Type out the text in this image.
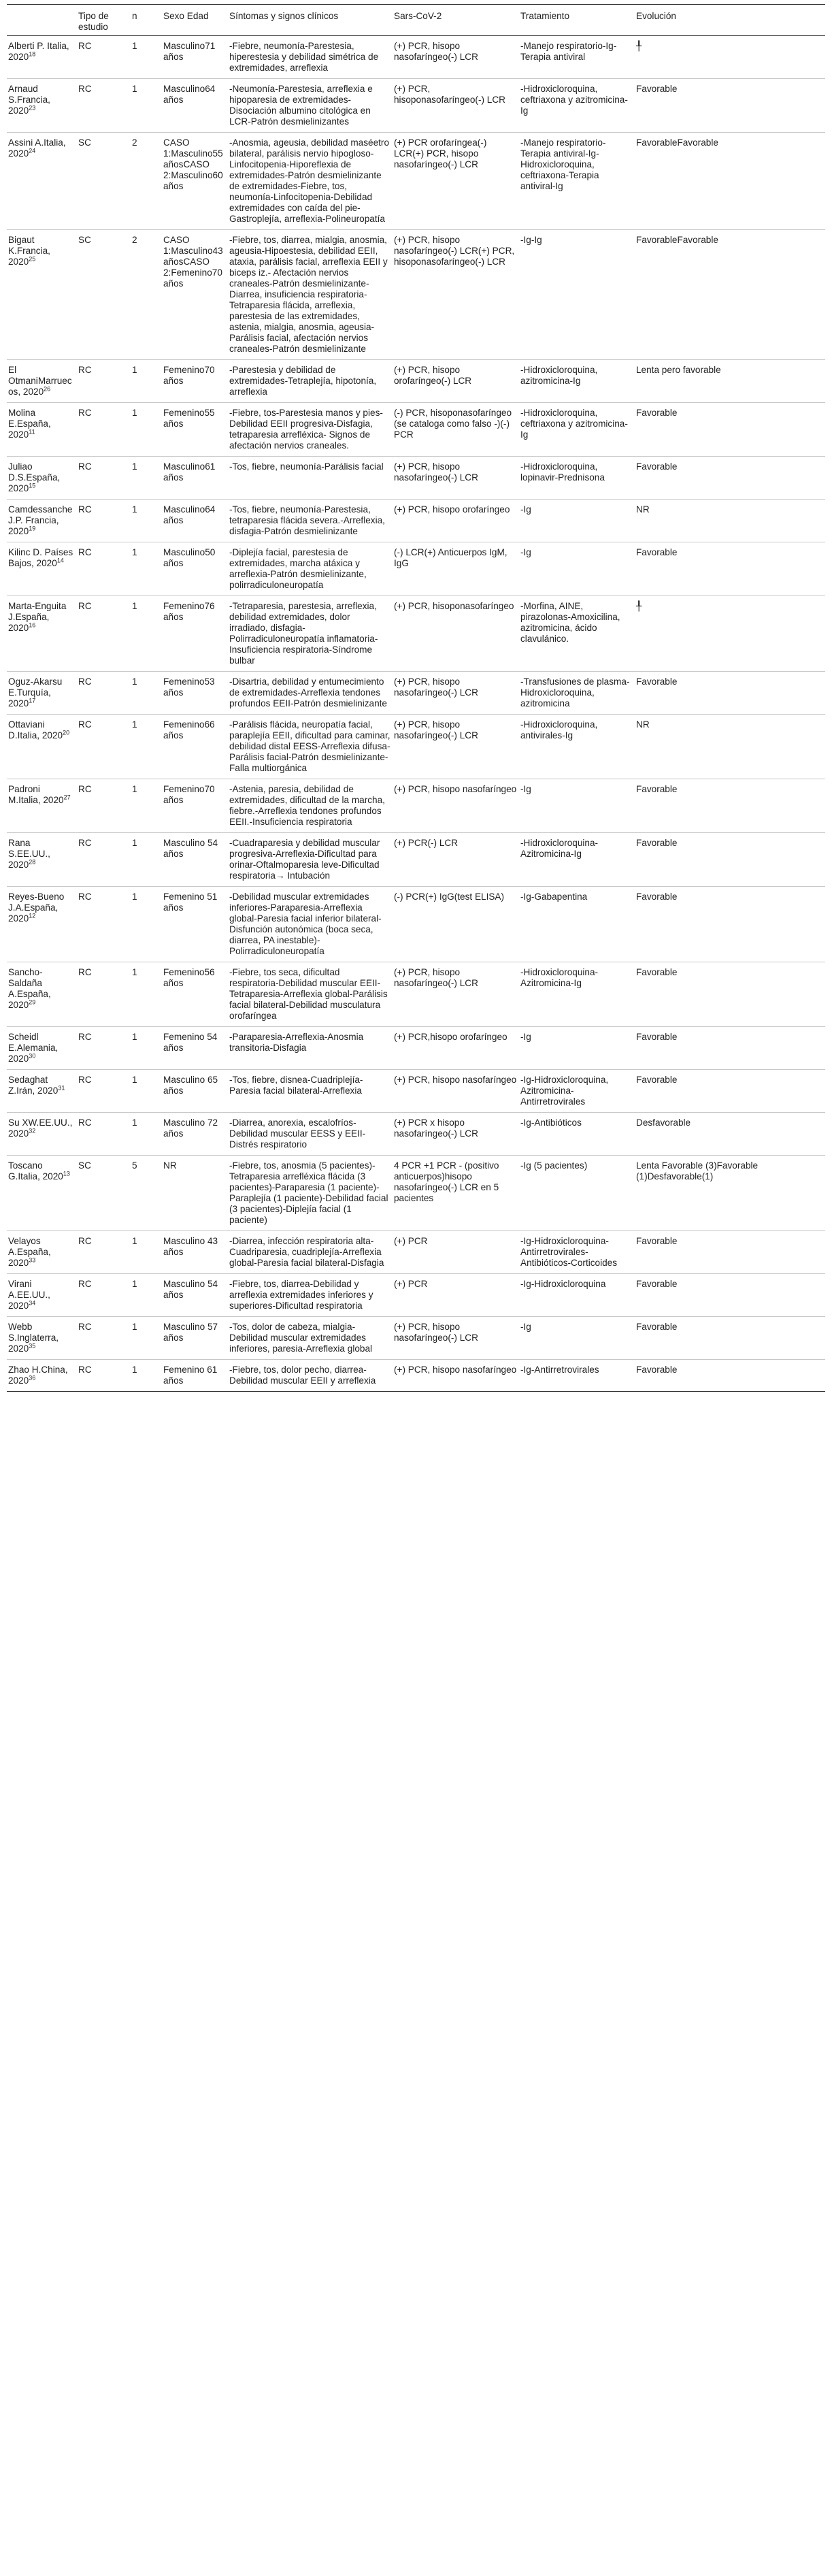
	Tipo de estudio	n	Sexo Edad	Síntomas y signos clínicos	Sars-CoV-2	Tratamiento	Evolución
Alberti P. Italia, 2020$^{18}$	RC	1	Masculino71 años	-Fiebre, neumonía-Parestesia, hiperestesia y debilidad simétrica de extremidades, arreflexia	(+) PCR, hisopo nasofaríngeo(-) LCR	-Manejo respiratorio-Ig-Terapia antiviral	╀
Arnaud S.Francia, 2020$^{23}$	RC	1	Masculino64 años	-Neumonía-Parestesia, arreflexia e hipoparesia de extremidades-Disociación albumino citológica en LCR-Patrón desmielinizantes	(+) PCR, hisoponasofaríngeo(-) LCR	-Hidroxicloroquina, ceftriaxona y azitromicina- Ig	Favorable
Assini A.Italia, 2020$^{24}$	SC	2	CASO 1:Masculino55 añosCASO 2:Masculino60 años	-Anosmia, ageusia, debilidad maséetro bilateral, parálisis nervio hipogloso-Linfocitopenia-Hiporeflexia de extremidades-Patrón desmielinizante de extremidades-Fiebre, tos, neumonía-Linfocitopenia-Debilidad extremidades con caída del pie-Gastroplejía, arreflexia-Polineuropatía	(+) PCR orofaríngea(-) LCR(+) PCR, hisopo nasofaríngeo(-) LCR	-Manejo respiratorio-Terapia antiviral-Ig-Hidroxicloroquina, ceftriaxona-Terapia antiviral-Ig	FavorableFavorable
Bigaut K.Francia, 2020$^{25}$	SC	2	CASO 1:Masculino43 añosCASO 2:Femenino70 años	-Fiebre, tos, diarrea, mialgia, anosmia, ageusia-Hipoestesia, debilidad EEII, ataxia, parálisis facial, arreflexia EEII y biceps iz.- Afectación nervios craneales-Patrón desmielinizante-Diarrea, insuficiencia respiratoria-Tetraparesia flácida, arreflexia, parestesia de las extremidades, astenia, mialgia, anosmia, ageusia-Parálisis facial, afectación nervios craneales-Patrón desmielinizante	(+) PCR, hisopo nasofaríngeo(-) LCR(+) PCR, hisoponasofaríngeo(-) LCR	-Ig-Ig	FavorableFavorable
El OtmaniMarruecos, 2020$^{26}$	RC	1	Femenino70 años	-Parestesia y debilidad de extremidades-Tetraplejía, hipotonía, arreflexia	(+) PCR, hisopo orofaríngeo(-) LCR	-Hidroxicloroquina, azitromicina-Ig	Lenta pero favorable
Molina E.España, 2020$^{11}$	RC	1	Femenino55 años	-Fiebre, tos-Parestesia manos y pies-Debilidad EEII progresiva-Disfagia, tetraparesia arrefléxica- Signos de afectación nervios craneales.	(-) PCR, hisoponasofaríngeo (se cataloga como falso -)(-) PCR	-Hidroxicloroquina, ceftriaxona y azitromicina- Ig	Favorable
Juliao D.S.España, 2020$^{15}$	RC	1	Masculino61 años	-Tos, fiebre, neumonía-Parálisis facial	(+) PCR, hisopo nasofaríngeo(-) LCR	-Hidroxicloroquina, lopinavir-Prednisona	Favorable
Camdessanche J.P. Francia, 2020$^{19}$	RC	1	Masculino64 años	-Tos, fiebre, neumonía-Parestesia, tetraparesia flácida severa.-Arreflexia, disfagia-Patrón desmielinizante	(+) PCR, hisopo orofaríngeo	-Ig	NR
Kilinc D. Países Bajos, 2020$^{14}$	RC	1	Masculino50 años	-Diplejía facial, parestesia de extremidades, marcha atáxica y arreflexia-Patrón desmielinizante, polirradiculoneuropatía	(-) LCR(+) Anticuerpos IgM, IgG	-Ig	Favorable
Marta-Enguita J.España, 2020$^{16}$	RC	1	Femenino76 años	-Tetraparesia, parestesia, arreflexia, debilidad extremidades, dolor irradiado, disfagia-Polirradiculoneuropatía inflamatoria-Insuficiencia respiratoria-Síndrome bulbar	(+) PCR, hisoponasofaríngeo	-Morfina, AINE, pirazolonas-Amoxicilina, azitromicina, ácido clavulánico.	╀
Oguz-Akarsu E.Turquía, 2020$^{17}$	RC	1	Femenino53 años	-Disartria, debilidad y entumecimiento de extremidades-Arreflexia tendones profundos EEII-Patrón desmielinizante	(+) PCR, hisopo nasofaríngeo(-) LCR	-Transfusiones de plasma-Hidroxicloroquina, azitromicina	Favorable
Ottaviani D.Italia, 2020$^{20}$	RC	1	Femenino66 años	-Parálisis flácida, neuropatía facial, paraplejía EEII, dificultad para caminar, debilidad distal EESS-Arreflexia difusa-Parálisis facial-Patrón desmielinizante-Falla multiorgánica	(+) PCR, hisopo nasofaríngeo(-) LCR	-Hidroxicloroquina, antivirales-Ig	NR
Padroni M.Italia, 2020$^{27}$	RC	1	Femenino70 años	-Astenia, paresia, debilidad de extremidades, dificultad de la marcha, fiebre.-Arreflexia tendones profundos EEII.-Insuficiencia respiratoria	(+) PCR, hisopo nasofaríngeo	-Ig	Favorable
Rana S.EE.UU., 2020$^{28}$	RC	1	Masculino 54 años	-Cuadraparesia y debilidad muscular progresiva-Arreflexia-Dificultad para orinar-Oftalmoparesia leve-Dificultad respiratoria→ Intubación	(+) PCR(-) LCR	-Hidroxicloroquina-Azitromicina-Ig	Favorable
Reyes-Bueno J.A.España, 2020$^{12}$	RC	1	Femenino 51 años	-Debilidad muscular extremidades inferiores-Paraparesia-Arreflexia global-Paresia facial inferior bilateral-Disfunción autonómica (boca seca, diarrea, PA inestable)-Polirradiculoneuropatía	(-) PCR(+) IgG(test ELISA)	-Ig-Gabapentina	Favorable
Sancho-Saldaña A.España, 2020$^{29}$	RC	1	Femenino56 años	-Fiebre, tos seca, dificultad respiratoria-Debilidad muscular EEII-Tetraparesia-Arreflexia global-Parálisis facial bilateral-Debilidad musculatura orofaríngea	(+) PCR, hisopo nasofaríngeo(-) LCR	-Hidroxicloroquina-Azitromicina-Ig	Favorable
Scheidl E.Alemania, 2020$^{30}$	RC	1	Femenino 54 años	-Paraparesia-Arreflexia-Anosmia transitoria-Disfagia	(+) PCR,hisopo orofaríngeo	-Ig	Favorable
Sedaghat Z.Irán, 2020$^{31}$	RC	1	Masculino 65 años	-Tos, fiebre, disnea-Cuadriplejía-Paresia facial bilateral-Arreflexia	(+) PCR, hisopo nasofaríngeo	-Ig-Hidroxicloroquina, Azitromicina-Antirretrovirales	Favorable
Su XW.EE.UU., 2020$^{32}$	RC	1	Masculino 72 años	-Diarrea, anorexia, escalofríos- Debilidad muscular EESS y EEII-Distrés respiratorio	(+) PCR x hisopo nasofaríngeo(-) LCR	-Ig-Antibióticos	Desfavorable
Toscano G.Italia, 2020$^{13}$	SC	5	NR	-Fiebre, tos, anosmia (5 pacientes)-Tetraparesia arrefléxica flácida (3 pacientes)-Paraparesia (1 paciente)-Paraplejía (1 paciente)-Debilidad facial (3 pacientes)-Diplejía facial (1 paciente)	4 PCR +1 PCR - (positivo anticuerpos)hisopo nasofaríngeo(-) LCR en 5 pacientes	-Ig (5 pacientes)	Lenta Favorable (3)Favorable (1)Desfavorable(1)
Velayos A.España, 2020$^{33}$	RC	1	Masculino 43 años	-Diarrea, infección respiratoria alta-Cuadriparesia, cuadriplejía-Arreflexia global-Paresia facial bilateral-Disfagia	(+) PCR	-Ig-Hidroxicloroquina-Antirretrovirales-Antibióticos-Corticoides	Favorable
Virani A.EE.UU., 2020$^{34}$	RC	1	Masculino 54 años	-Fiebre, tos, diarrea-Debilidad y arreflexia extremidades inferiores y superiores-Dificultad respiratoria	(+) PCR	-Ig-Hidroxicloroquina	Favorable
Webb S.Inglaterra, 2020$^{35}$	RC	1	Masculino 57 años	-Tos, dolor de cabeza, mialgia-Debilidad muscular extremidades inferiores, paresia-Arreflexia global	(+) PCR, hisopo nasofaríngeo(-) LCR	-Ig	Favorable
Zhao H.China, 2020$^{36}$	RC	1	Femenino 61 años	-Fiebre, tos, dolor pecho, diarrea-Debilidad muscular EEII y arreflexia	(+) PCR, hisopo nasofaríngeo	-Ig-Antirretrovirales	Favorable
